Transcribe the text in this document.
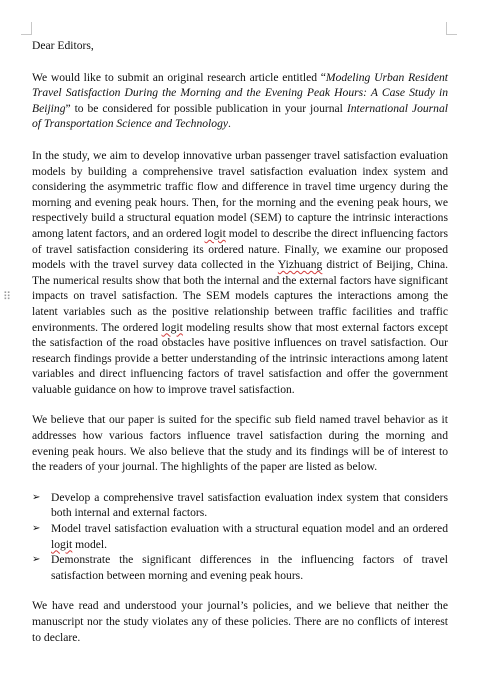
⠿

Dear Editors,

We would like to submit an original research article entitled “Modeling Urban Resident Travel Satisfaction During the Morning and the Evening Peak Hours: A Case Study in Beijing” to be considered for possible publication in your journal International Journal of Transportation Science and Technology.

In the study, we aim to develop innovative urban passenger travel satisfaction evaluation models by building a comprehensive travel satisfaction evaluation index system and considering the asymmetric traffic flow and difference in travel time urgency during the morning and evening peak hours. Then, for the morning and the evening peak hours, we respectively build a structural equation model (SEM) to capture the intrinsic interactions among latent factors, and an ordered logit model to describe the direct influencing factors of travel satisfaction considering its ordered nature. Finally, we examine our proposed models with the travel survey data collected in the Yizhuang district of Beijing, China. The numerical results show that both the internal and the external factors have significant impacts on travel satisfaction. The SEM models captures the interactions among the latent variables such as the positive relationship between traffic facilities and traffic environments. The ordered logit modeling results show that most external factors except the satisfaction of the road obstacles have positive influences on travel satisfaction. Our research findings provide a better understanding of the intrinsic interactions among latent variables and direct influencing factors of travel satisfaction and offer the government valuable guidance on how to improve travel satisfaction.

We believe that our paper is suited for the specific sub field named travel behavior as it addresses how various factors influence travel satisfaction during the morning and evening peak hours. We also believe that the study and its findings will be of interest to the readers of your journal. The highlights of the paper are listed as below.

➢ Develop a comprehensive travel satisfaction evaluation index system that considers both internal and external factors.
➢ Model travel satisfaction evaluation with a structural equation model and an ordered logit model.
➢ Demonstrate the significant differences in the influencing factors of travel satisfaction between morning and evening peak hours.

We have read and understood your journal’s policies, and we believe that neither the manuscript nor the study violates any of these policies. There are no conflicts of interest to declare.
